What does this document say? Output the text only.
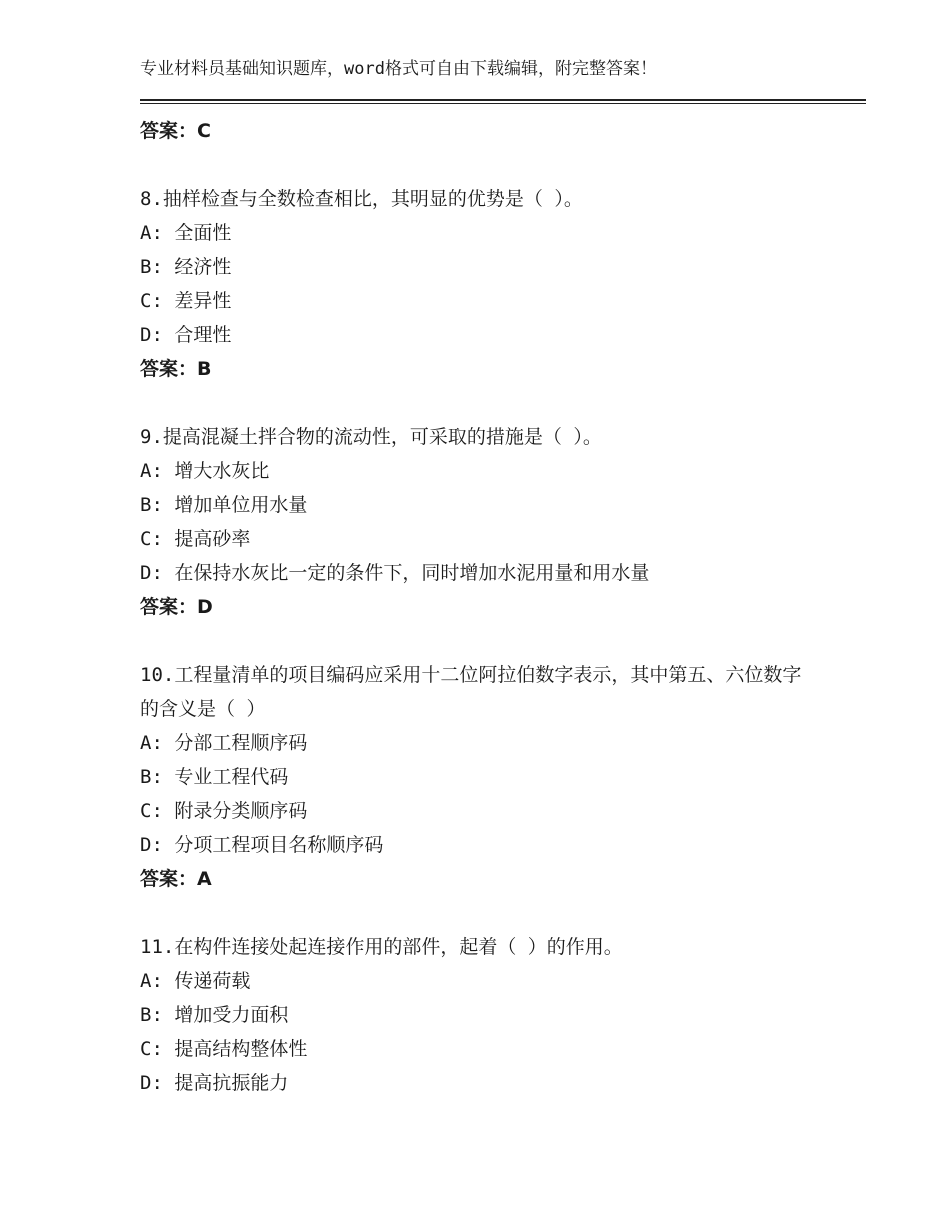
专业材料员基础知识题库，word格式可自由下载编辑，附完整答案！
答案：C
8.抽样检查与全数检查相比，其明显的优势是（ ）。
A: 全面性
B: 经济性
C: 差异性
D: 合理性
答案：B
9.提高混凝土拌合物的流动性，可采取的措施是（ ）。
A: 增大水灰比
B: 增加单位用水量
C: 提高砂率
D: 在保持水灰比一定的条件下，同时增加水泥用量和用水量
答案：D
10.工程量清单的项目编码应采用十二位阿拉伯数字表示，其中第五、六位数字的含义是（ ）
A: 分部工程顺序码
B: 专业工程代码
C: 附录分类顺序码
D: 分项工程项目名称顺序码
答案：A
11.在构件连接处起连接作用的部件，起着（ ）的作用。
A: 传递荷载
B: 增加受力面积
C: 提高结构整体性
D: 提高抗振能力
